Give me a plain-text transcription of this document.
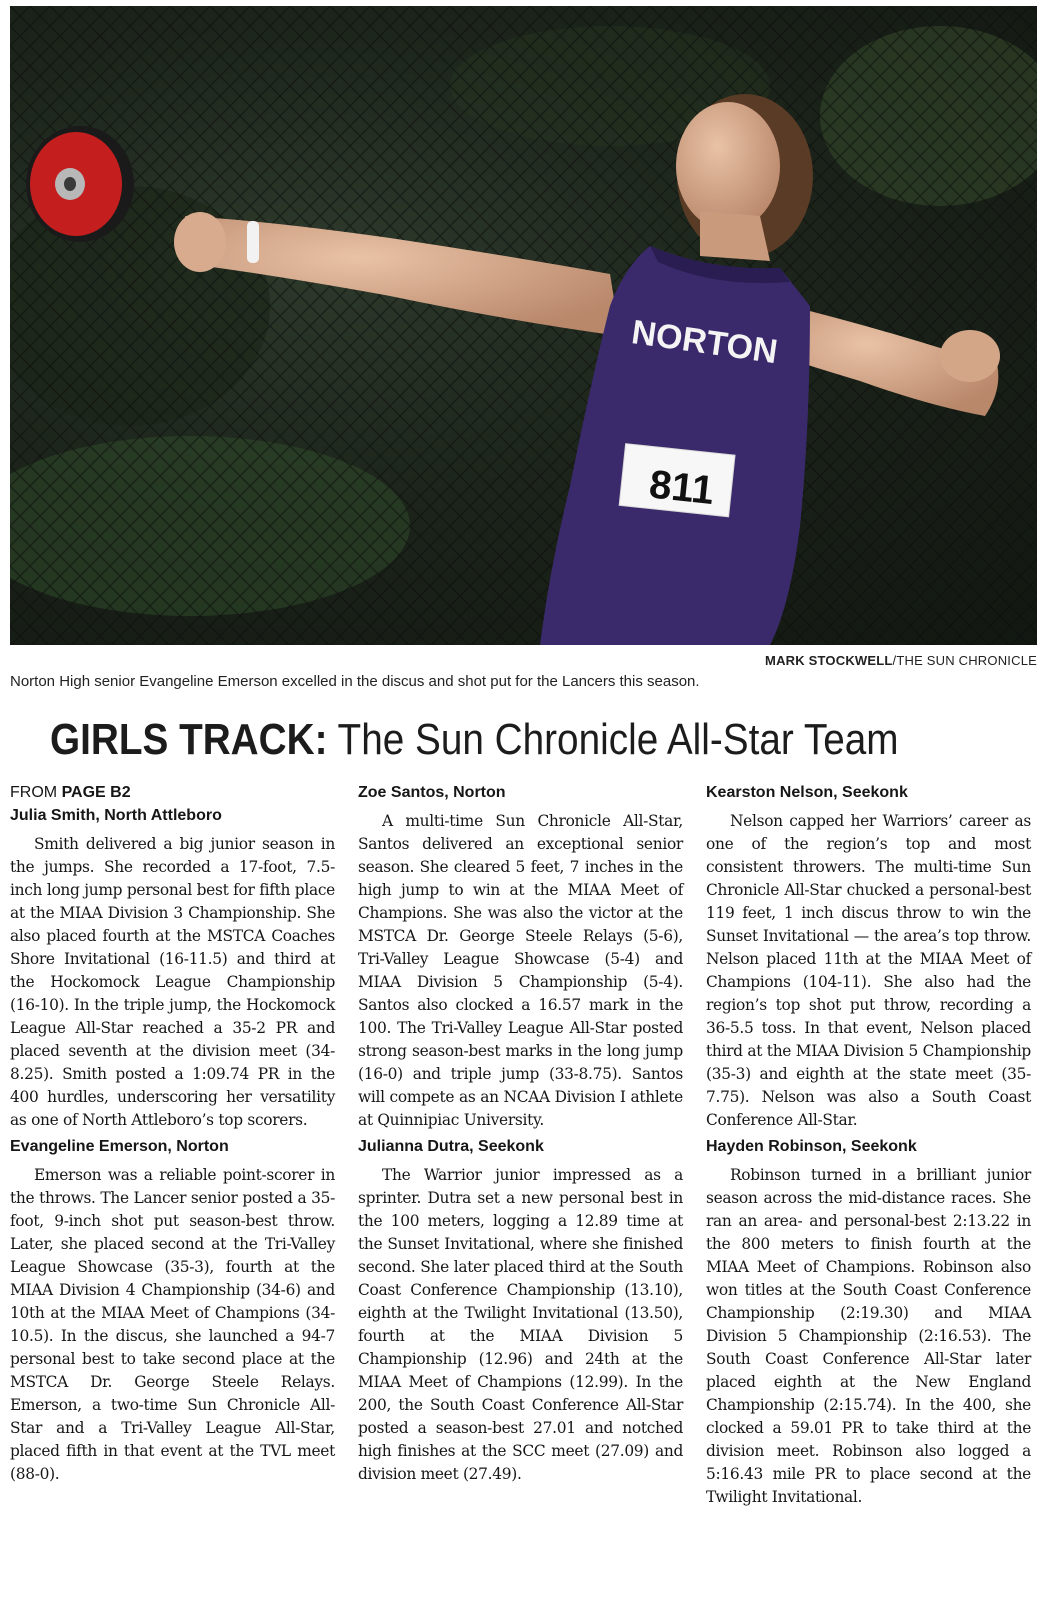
NORTON
811
MARK STOCKWELL/THE SUN CHRONICLE
Norton High senior Evangeline Emerson excelled in the discus and shot put for the Lancers this season.
GIRLS TRACK: The Sun Chronicle All-Star Team
FROM PAGE B2
Julia Smith, North Attleboro

Smith delivered a big junior season in the jumps. She recorded a 17-foot, 7.5-inch long jump personal best for fifth place at the MIAA Division 3 Championship. She also placed fourth at the MSTCA Coaches Shore Invitational (16-11.5) and third at the Hockomock League Championship (16-10). In the triple jump, the Hockomock League All-Star reached a 35-2 PR and placed seventh at the division meet (34-8.25). Smith posted a 1:09.74 PR in the 400 hurdles, underscoring her versatility as one of North Attleboro’s top scorers.

Evangeline Emerson, Norton

Emerson was a reliable point-scorer in the throws. The Lancer senior posted a 35-foot, 9-inch shot put season-best throw. Later, she placed second at the Tri-Valley League Showcase (35-3), fourth at the MIAA Division 4 Championship (34-6) and 10th at the MIAA Meet of Champions (34-10.5). In the discus, she launched a 94-7 personal best to take second place at the MSTCA Dr. George Steele Relays. Emerson, a two-time Sun Chronicle All-Star and a Tri-Valley League All-Star, placed fifth in that event at the TVL meet (88-0).

Zoe Santos, Norton

A multi-time Sun Chronicle All-Star, Santos delivered an exceptional senior season. She cleared 5 feet, 7 inches in the high jump to win at the MIAA Meet of Champions. She was also the victor at the MSTCA Dr. George Steele Relays (5-6), Tri-Valley League Showcase (5-4) and MIAA Division 5 Championship (5-4). Santos also clocked a 16.57 mark in the 100. The Tri-Valley League All-Star posted strong season-best marks in the long jump (16-0) and triple jump (33-8.75). Santos will compete as an NCAA Division I athlete at Quinnipiac University.

Julianna Dutra, Seekonk

The Warrior junior impressed as a sprinter. Dutra set a new personal best in the 100 meters, logging a 12.89 time at the Sunset Invitational, where she finished second. She later placed third at the South Coast Conference Championship (13.10), eighth at the Twilight Invitational (13.50), fourth at the MIAA Division 5 Championship (12.96) and 24th at the MIAA Meet of Champions (12.99). In the 200, the South Coast Conference All-Star posted a season-best 27.01 and notched high finishes at the SCC meet (27.09) and division meet (27.49).

Kearston Nelson, Seekonk

Nelson capped her Warriors’ career as one of the region’s top and most consistent throwers. The multi-time Sun Chronicle All-Star chucked a personal-best 119 feet, 1 inch discus throw to win the Sunset Invitational — the area’s top throw. Nelson placed 11th at the MIAA Meet of Champions (104-11). She also had the region’s top shot put throw, recording a 36-5.5 toss. In that event, Nelson placed third at the MIAA Division 5 Championship (35-3) and eighth at the state meet (35-7.75). Nelson was also a South Coast Conference All-Star.

Hayden Robinson, Seekonk

Robinson turned in a brilliant junior season across the mid-distance races. She ran an area- and personal-best 2:13.22 in the 800 meters to finish fourth at the MIAA Meet of Champions. Robinson also won titles at the South Coast Conference Championship (2:19.30) and MIAA Division 5 Championship (2:16.53). The South Coast Conference All-Star later placed eighth at the New England Championship (2:15.74). In the 400, she clocked a 59.01 PR to take third at the division meet. Robinson also logged a 5:16.43 mile PR to place second at the Twilight Invitational.
